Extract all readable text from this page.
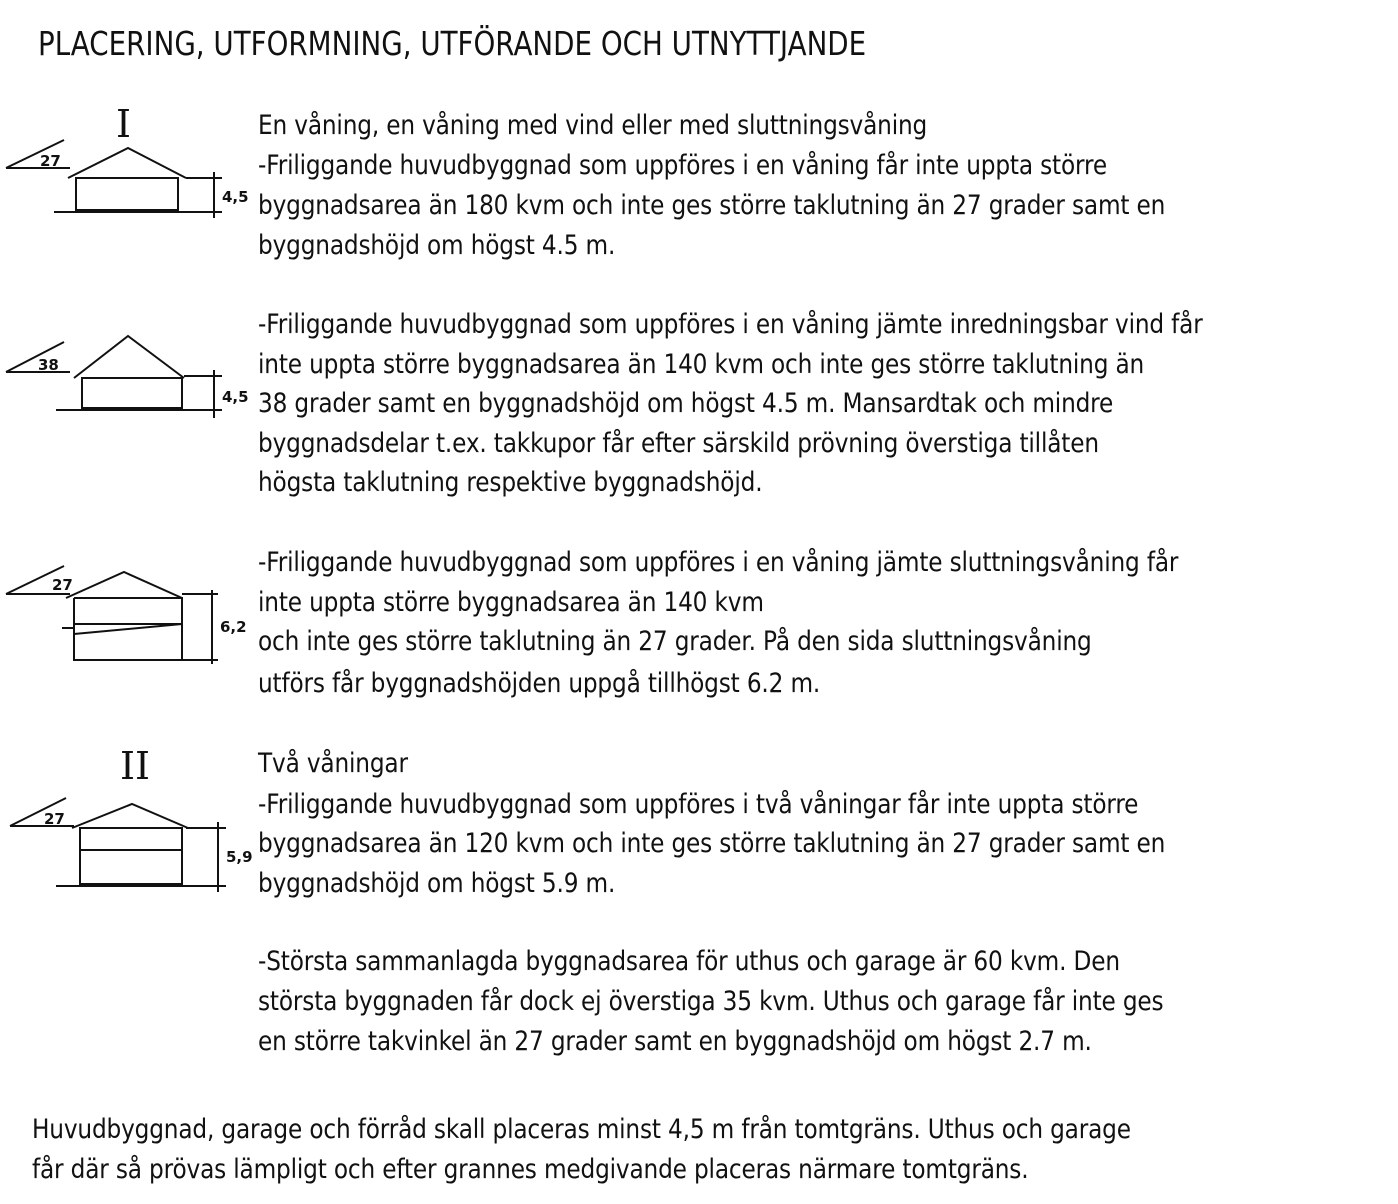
PLACERING, UTFORMNING, UTFÖRANDE OCH UTNYTTJANDE
I
27
4,5
En våning, en våning med vind eller med sluttningsvåning
-Friliggande huvudbyggnad som uppföres i en våning får inte uppta större
byggnadsarea än 180 kvm och inte ges större taklutning än 27 grader samt en
byggnadshöjd om högst 4.5 m.
38
4,5
-Friliggande huvudbyggnad som uppföres i en våning jämte inredningsbar vind får
inte uppta större byggnadsarea än 140 kvm och inte ges större taklutning än
38 grader samt en byggnadshöjd om högst 4.5 m. Mansardtak och mindre
byggnadsdelar t.ex. takkupor får efter särskild prövning överstiga tillåten
högsta taklutning respektive byggnadshöjd.
27
6,2
-Friliggande huvudbyggnad som uppföres i en våning jämte sluttningsvåning får
inte uppta större byggnadsarea än 140 kvm
och inte ges större taklutning än 27 grader. På den sida sluttningsvåning
utförs får byggnadshöjden uppgå tillhögst 6.2 m.
II
27
5,9
Två våningar
-Friliggande huvudbyggnad som uppföres i två våningar får inte uppta större
byggnadsarea än 120 kvm och inte ges större taklutning än 27 grader samt en
byggnadshöjd om högst 5.9 m.
-Största sammanlagda byggnadsarea för uthus och garage är 60 kvm. Den
största byggnaden får dock ej överstiga 35 kvm. Uthus och garage får inte ges
en större takvinkel än 27 grader samt en byggnadshöjd om högst 2.7 m.
Huvudbyggnad, garage och förråd skall placeras minst 4,5 m från tomtgräns. Uthus och garage
får där så prövas lämpligt och efter grannes medgivande placeras närmare tomtgräns.
